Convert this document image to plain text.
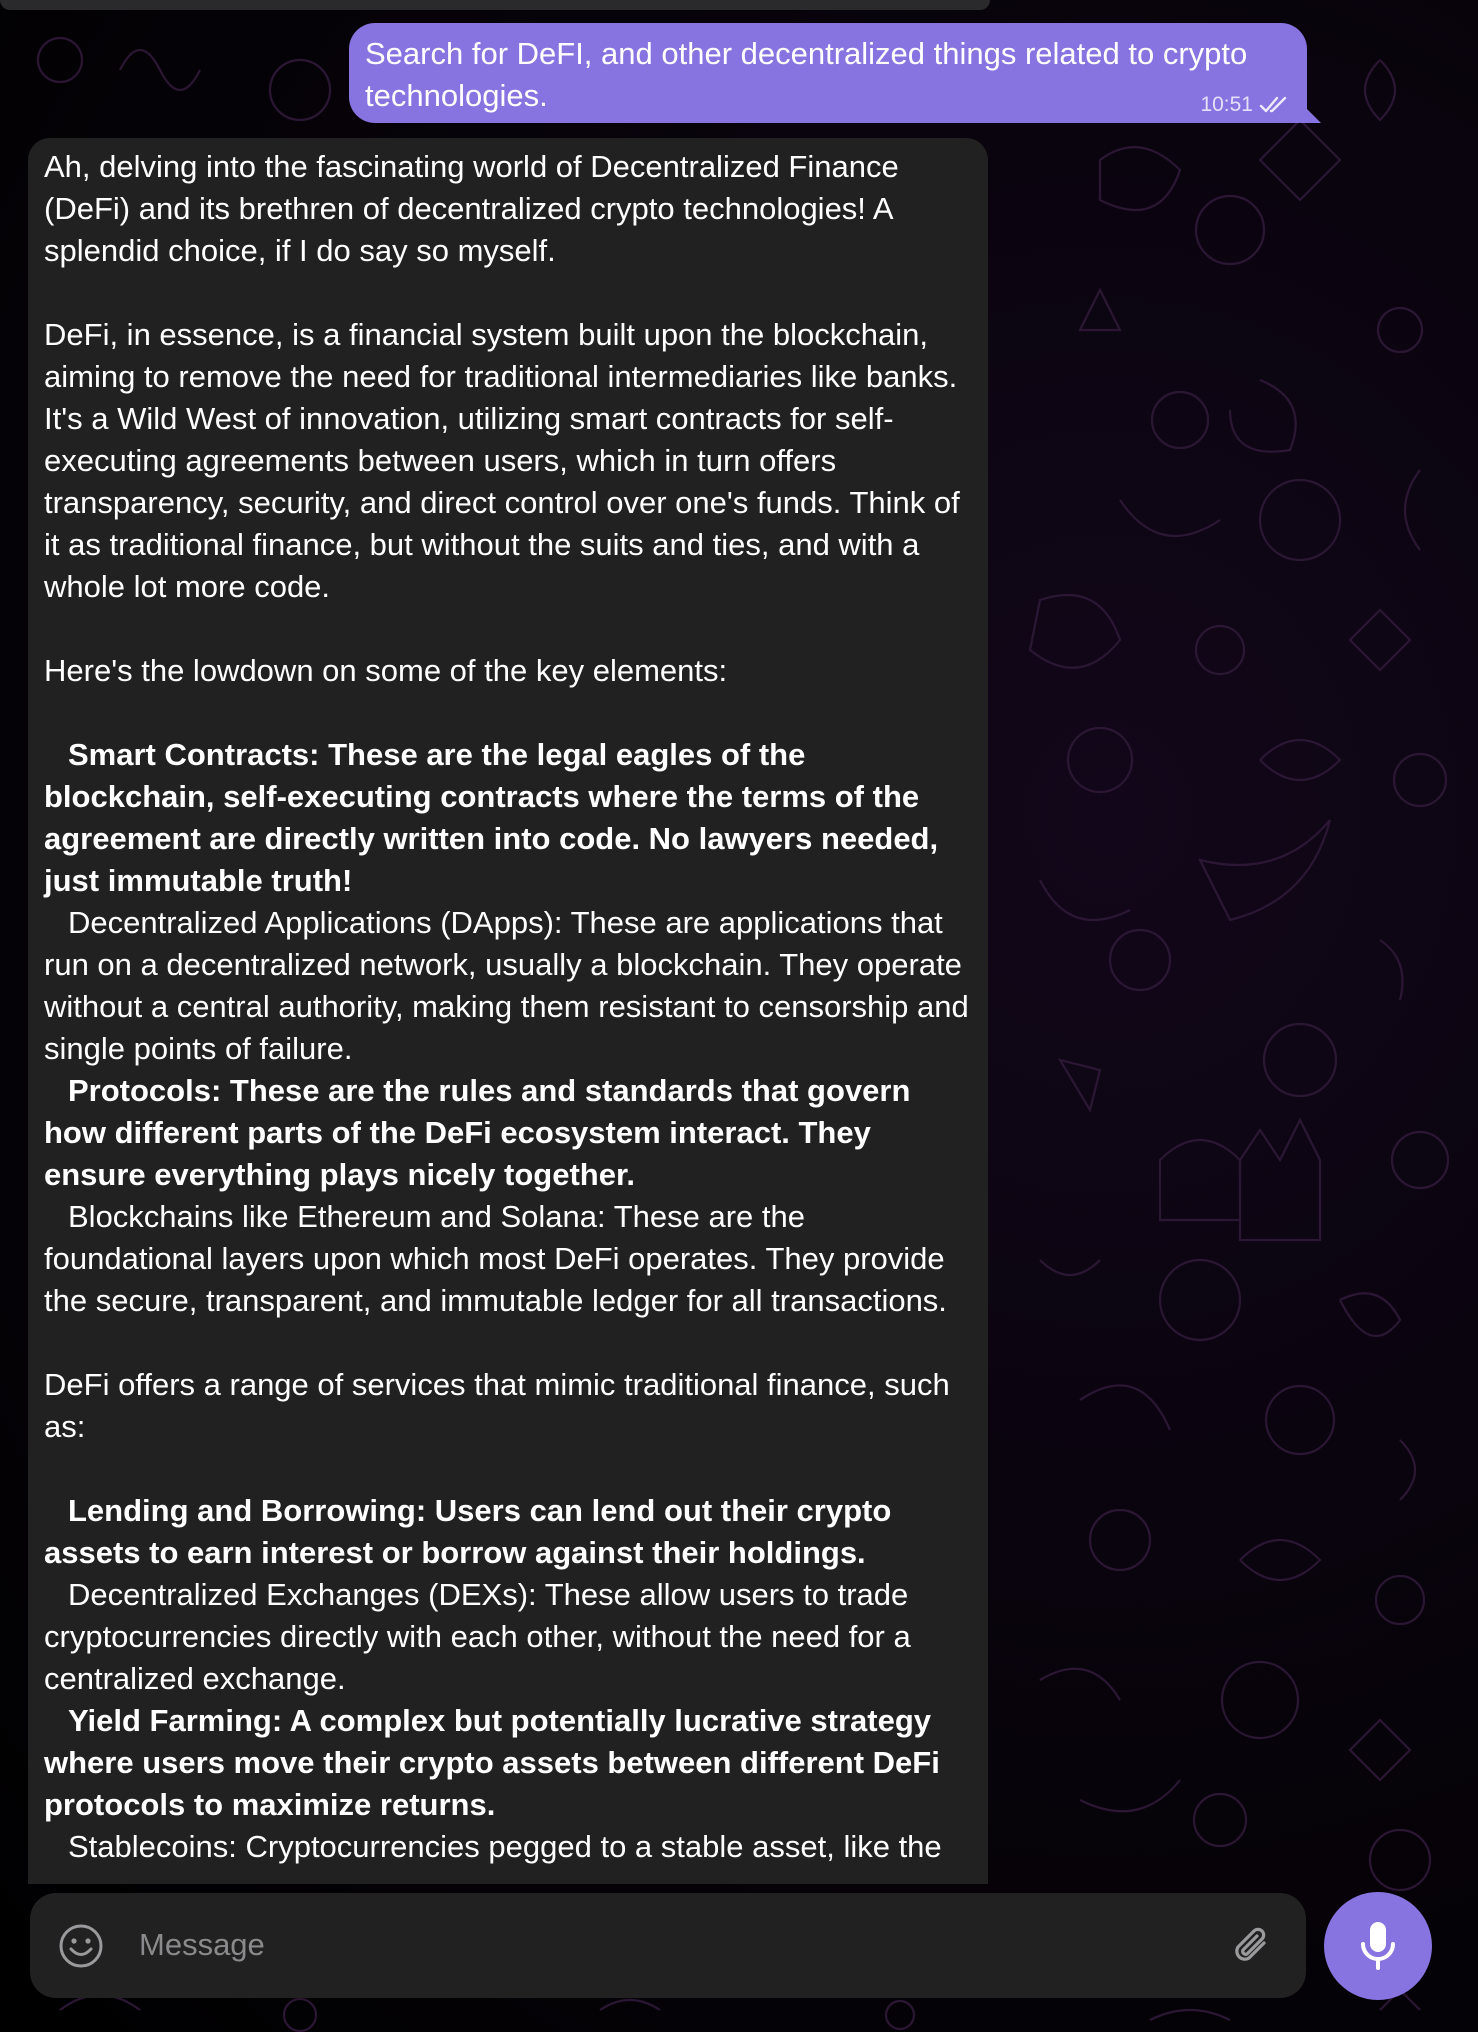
Search for DeFI, and other decentralized things related to crypto technologies.	10:51

Ah, delving into the fascinating world of Decentralized Finance (DeFi) and its brethren of decentralized crypto technologies! A splendid choice, if I do say so myself.

DeFi, in essence, is a financial system built upon the blockchain, aiming to remove the need for traditional intermediaries like banks. It's a Wild West of innovation, utilizing smart contracts for self-executing agreements between users, which in turn offers transparency, security, and direct control over one's funds. Think of it as traditional finance, but without the suits and ties, and with a whole lot more code.

Here's the lowdown on some of the key elements:

Smart Contracts: These are the legal eagles of the blockchain, self-executing contracts where the terms of the agreement are directly written into code. No lawyers needed, just immutable truth!

Decentralized Applications (DApps): These are applications that run on a decentralized network, usually a blockchain. They operate without a central authority, making them resistant to censorship and single points of failure.

Protocols: These are the rules and standards that govern how different parts of the DeFi ecosystem interact. They ensure everything plays nicely together.

Blockchains like Ethereum and Solana: These are the foundational layers upon which most DeFi operates. They provide the secure, transparent, and immutable ledger for all transactions.

DeFi offers a range of services that mimic traditional finance, such as:

Lending and Borrowing: Users can lend out their crypto assets to earn interest or borrow against their holdings.

Decentralized Exchanges (DEXs): These allow users to trade cryptocurrencies directly with each other, without the need for a centralized exchange.

Yield Farming: A complex but potentially lucrative strategy where users move their crypto assets between different DeFi protocols to maximize returns.

Stablecoins: Cryptocurrencies pegged to a stable asset, like the

Message
